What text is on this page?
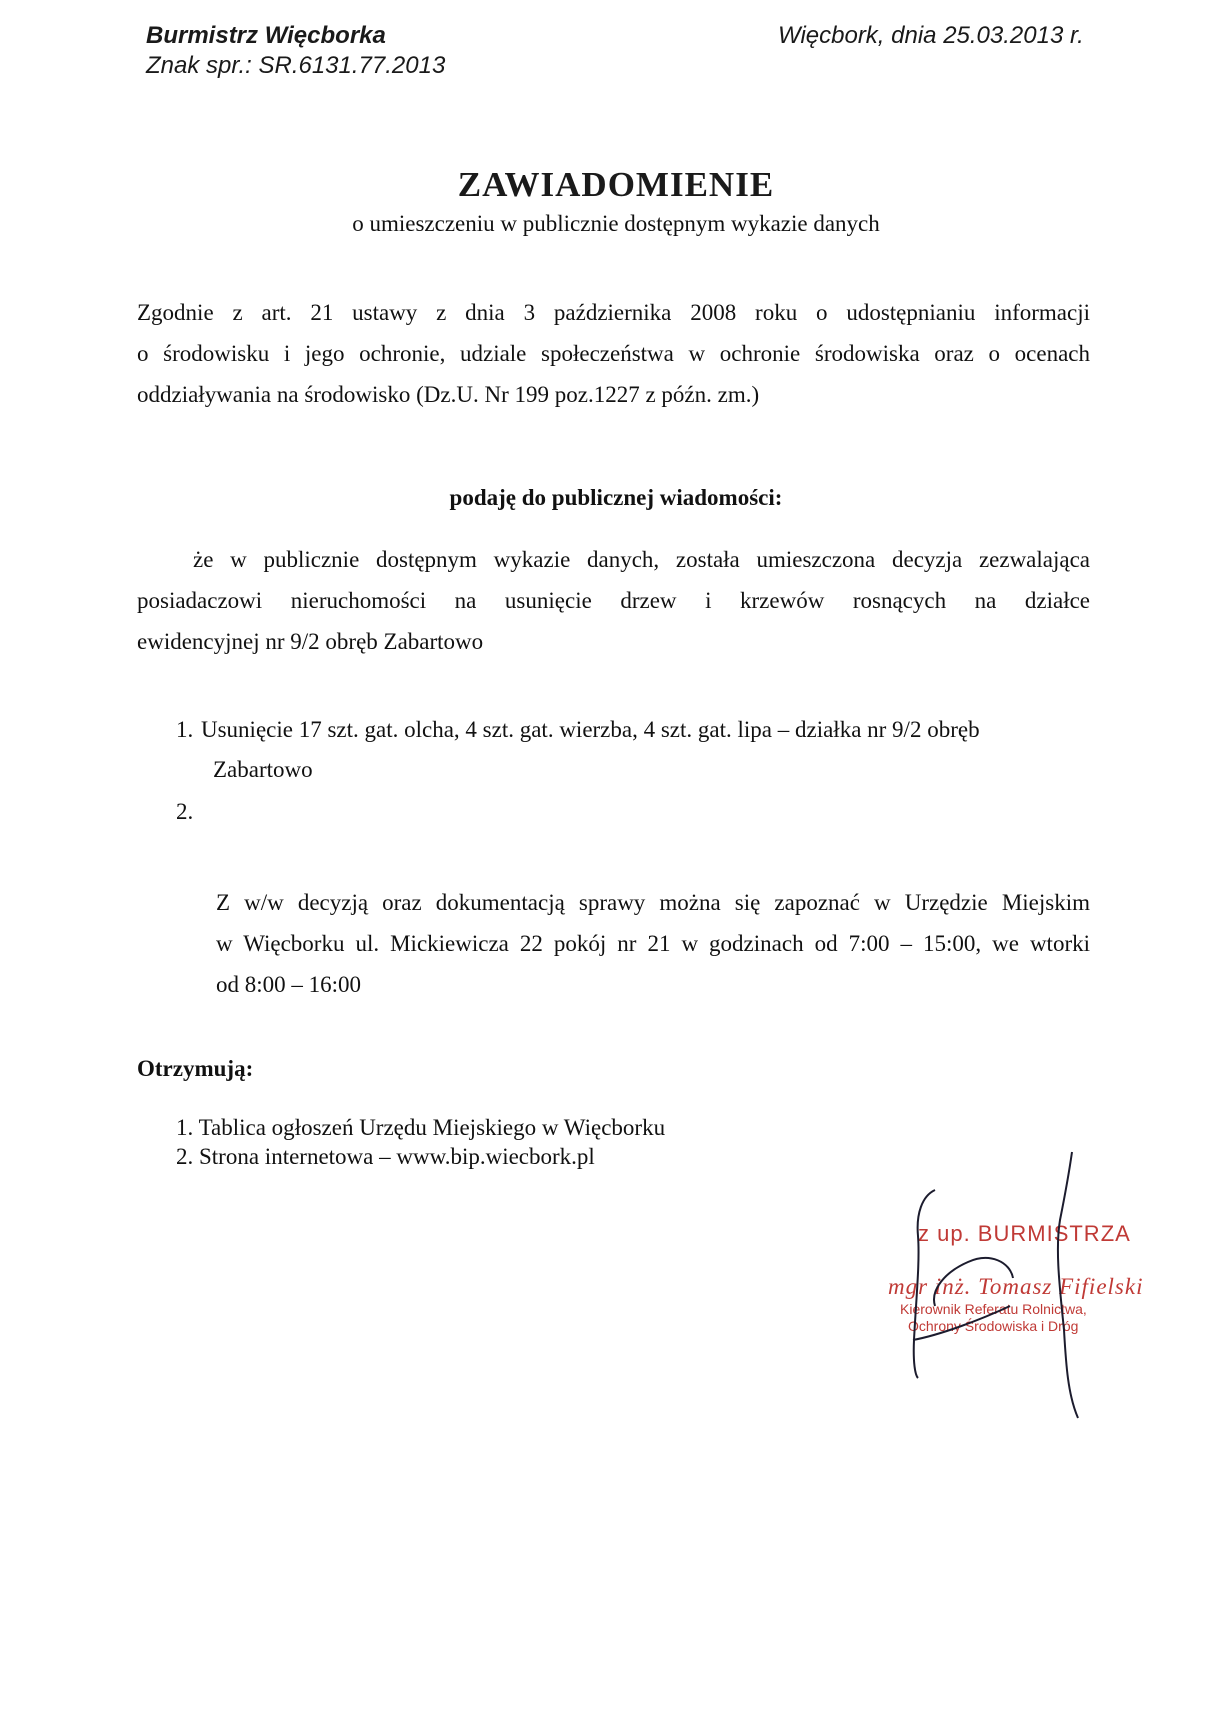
Burmistrz Więcborka
Znak spr.: SR.6131.77.2013
Więcbork, dnia 25.03.2013 r.
ZAWIADOMIENIE
o umieszczeniu w publicznie dostępnym wykazie danych
Zgodnie z art. 21 ustawy z dnia 3 października 2008 roku o udostępnianiu informacji
o środowisku i jego ochronie, udziale społeczeństwa w ochronie środowiska oraz o ocenach
oddziaływania na środowisko (Dz.U. Nr 199 poz.1227 z późn. zm.)
podaję do publicznej wiadomości:
że w publicznie dostępnym wykazie danych, została umieszczona decyzja zezwalająca
posiadaczowi nieruchomości na usunięcie drzew i krzewów rosnących na działce
ewidencyjnej nr 9/2 obręb Zabartowo
1. Usunięcie 17 szt. gat. olcha, 4 szt. gat. wierzba, 4 szt. gat. lipa – działka nr 9/2 obręb
Zabartowo
2.
Z w/w decyzją oraz dokumentacją sprawy można się zapoznać w Urzędzie Miejskim
w Więcborku ul. Mickiewicza 22 pokój nr 21 w godzinach od 7:00 – 15:00, we wtorki
od 8:00 – 16:00
Otrzymują:
1. Tablica ogłoszeń Urzędu Miejskiego w Więcborku
2. Strona internetowa – www.bip.wiecbork.pl
z up. BURMISTRZA
mgr inż. Tomasz Fifielski
Kierownik Referatu Rolnictwa,
Ochrony Środowiska i Dróg
